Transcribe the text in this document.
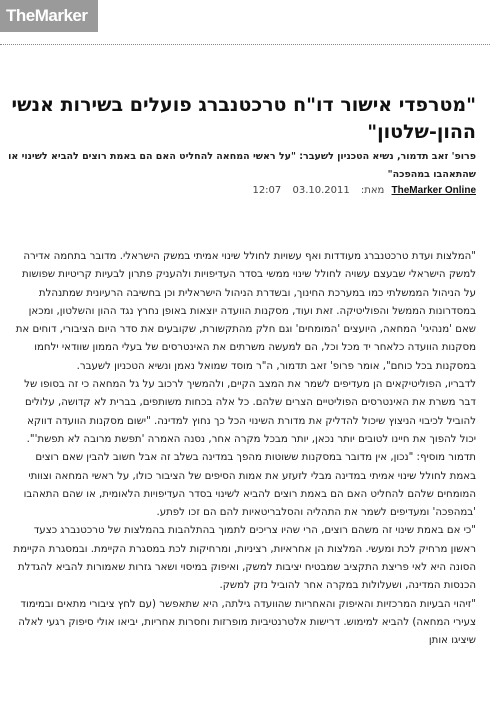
TheMarker
"מטרפדי אישור דו"ח טרכטנברג פועלים בשירות אנשי ההון-שלטון"
פרופ' זאב תדמור, נשיא הטכניון לשעבר: "על ראשי המחאה להחליט האם הם באמת רוצים להביא לשינוי או שהתאהבו במהפכה"
TheMarker Online מאת: 03.10.2011 12:07

"המלצות ועדת טרכטנברג מעודדות ואף עשויות לחולל שינוי אמיתי במשק הישראלי. מדובר בתחמה אדירה למשק הישראלי שבעצם עשויה לחולל שינוי ממשי בסדר העדיפויות ולהעניק פתרון לבעיות קריטיות שפושות על הניהול הממשלתי כמו במערכת החינוך, ובשדרת הניהול הישראלית וכן בחשיבה הרעיונית שמתנהלת במסדרונות הממשל והפוליטיקה. זאת ועוד, מסקנות הוועדה יוצאות באופן נחרץ נגד ההון והשלטון, ומכאן שאם 'מנהיגי' המחאה, היועצים 'המומחים' וגם חלק מהתקשורת, שקובעים את סדר היום הציבורי, דוחים את מסקנות הוועדה כלאחר יד מכל וכל, הם למעשה משרתים את האינטרסים של בעלי הממון שוודאי ילחמו במסקנות בכל כוחם", אומר פרופ' זאב תדמור, ה"ר מוסד שמואל נאמן ונשיא הטכניון לשעבר.

לדבריו, הפוליטיקאים הן מעדיפים לשמר את המצב הקיים, ולהמשיך לרכוב על גל המחאה כי זה בסופו של דבר משרת את האינטרסים הפוליטיים הצרים שלהם. כל אלה בכחות משותפים, בברית לא קדושה, עלולים להוביל לכיבוי הניצוץ שיכול להדליק את מדורת השינוי הכל כך נחוץ למדינה. "ישום מסקנות הוועדה דווקא יכול להפוך את חיינו לטובים יותר נכאן, יותר מבכל מקרה אחר, נסנה האמרה 'תפשת מרובה לא תפשת'".

תדמור מוסיף: "נכון, אין מדובר במסקנות ששוטות מהפך במדינה בשלב זה אבל חשוב להבין שאם רוצים באמת לחולל שינוי אמיתי במדינה מבלי לזעזע את אמות הסיפים של הציבור כולו, על ראשי המחאה וצוותי המומחים שלהם להחליט האם הם באמת רוצים להביא לשינוי בסדר העדיפויות הלאומית, או שהם התאהבו 'במהפכה' ומעדיפים לשמר את התהליה והסלבריטאיות להם הם זכו לפתע.

"כי אם באמת שינוי זה משהם רוצים, הרי שהיו צריכים לתמוך בהתלהבות בהמלצות של טרכטנברג כצעד ראשון מרחיק לכת ומעשי. המלצות הן אחראיות, רציניות, ומרחיקות לכת במסגרת הקיימת. ובמסגרת הקיימת הסונה היא לאי פריצת התקציב שמבטיח יציבות למשק, ואיפוק במיסוי ושאר גזרות שאמורות להביא להגדלת הכנסות המדינה, ושעלולות במקרה אחר להוביל נזק למשק.

"זיהוי הבעיות המרכזיות והאיפוק והאחריות שהוועדה גילתה, היא שתאפשר (עם לחץ ציבורי מתאים ובמימוד צעירי המחאה) להביא למימוש. דרישות אלטרנטיביות מופרזות וחסרות אחריות, יביאו אולי סיפוק רגעי לאלה שיציגו אותן
